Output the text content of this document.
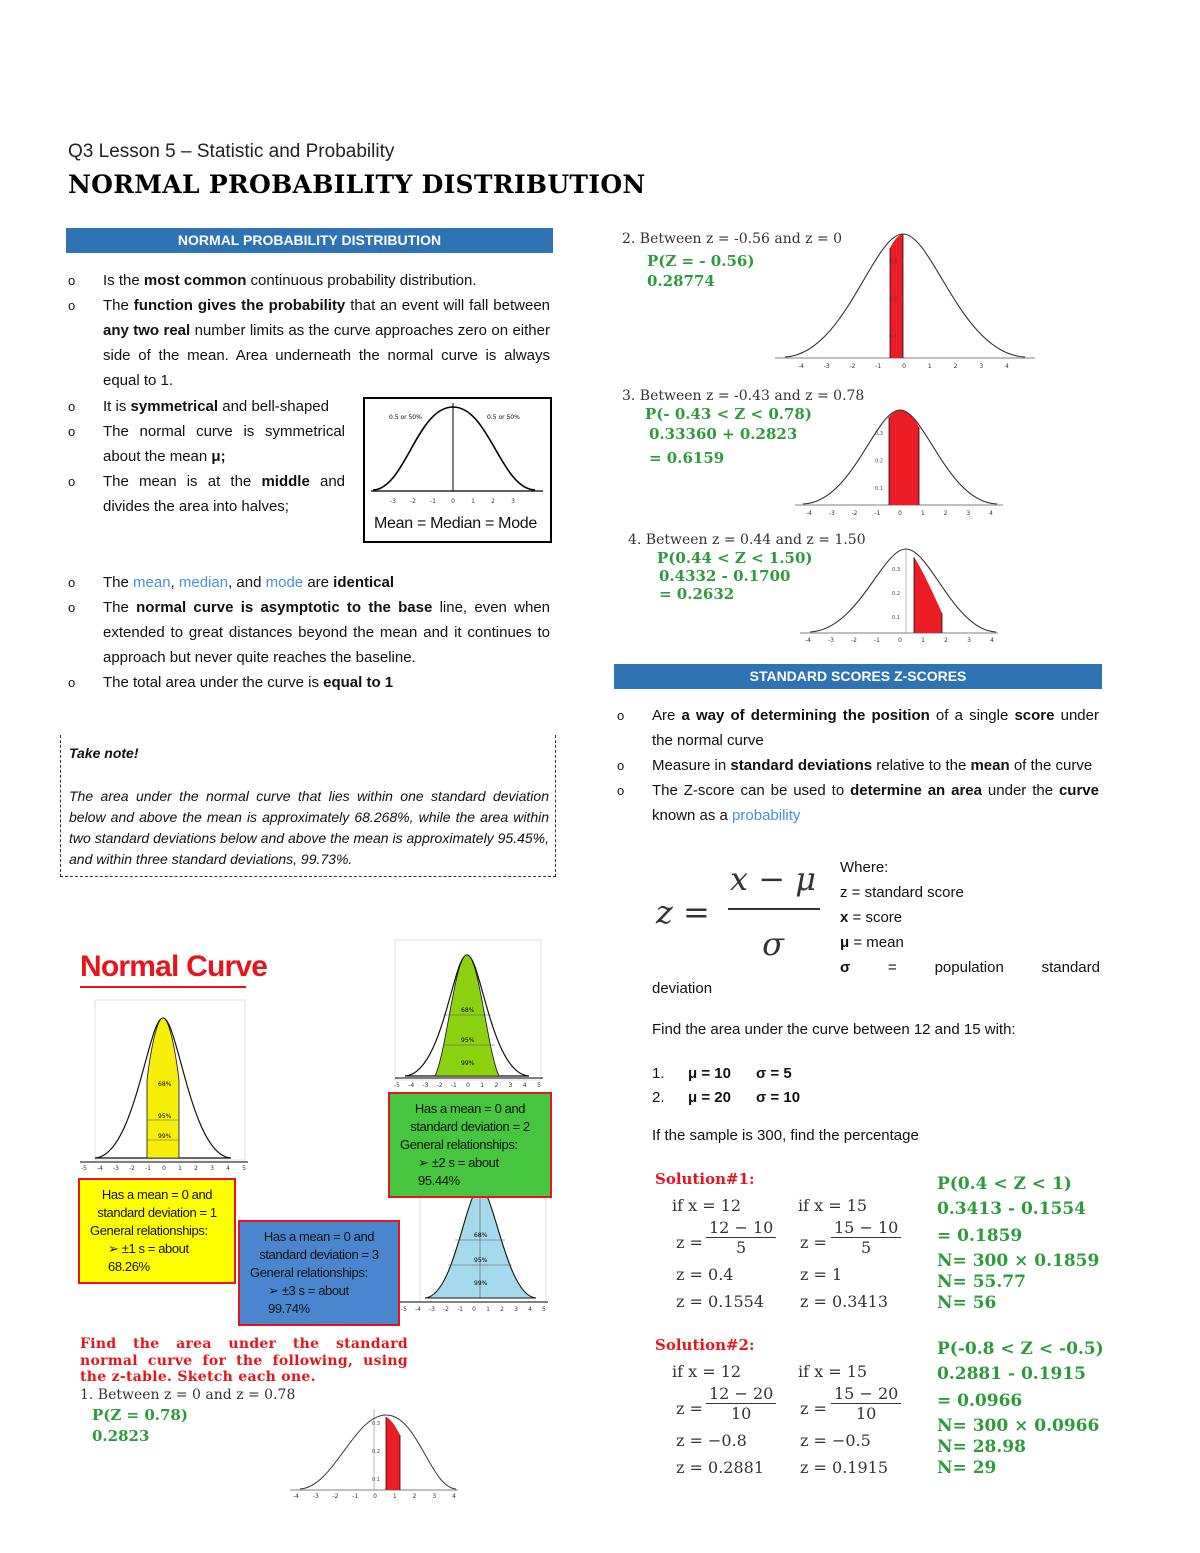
Q3 Lesson 5 – Statistic and Probability
NORMAL PROBABILITY DISTRIBUTION
NORMAL PROBABILITY DISTRIBUTION
o Is the most common continuous probability distribution.
o The function gives the probability that an event will fall between any two real number limits as the curve approaches zero on either side of the mean. Area underneath the normal curve is always equal to 1.
o It is symmetrical and bell-shaped
o The normal curve is symmetrical about the mean μ;
o The mean is at the middle and divides the area into halves;
0.5 or 50%	0.5 or 50%
-3 -2 -1	0	1	2	3
Mean = Median = Mode
o The mean, median, and mode are identical
o The normal curve is asymptotic to the base line, even when extended to great distances beyond the mean and it continues to approach but never quite reaches the baseline.
o The total area under the curve is equal to 1
Take note!
The area under the normal curve that lies within one standard deviation below and above the mean is approximately 68.268%, while the area within two standard deviations below and above the mean is approximately 95.45%, and within three standard deviations, 99.73%.
Normal Curve
68%
95%
99%
-5 -4 -3 -2 -1 0 1 2 3 4 5
68%
95%
99%
-5 -4 -3 -2 -1 0 1 2 3 4 5
68%
95%
99%
-5 -4 -3 -2 -1 0 1 2 3 4 5
Has a mean = 0 and
standard deviation = 1
General relationships:
➢ ±1 s = about 68.26%
Has a mean = 0 and
standard deviation = 3
General relationships:
➢ ±3 s = about 99.74%
Has a mean = 0 and
standard deviation = 2
General relationships:
➢ ±2 s = about 95.44%
Find the area under the standard normal curve for the following, using the z-table. Sketch each one.
1. Between z = 0 and z = 0.78
P(Z = 0.78)
0.2823
0.1
0.2
0.3
-4 -3 -2 -1 0	1	2	3	4
2. Between z = -0.56 and z = 0
P(Z = - 0.56)
0.28774
0.1
0.2
0.3
-4	-3	-2	-1	0	1	2	3	4
3. Between z = -0.43 and z = 0.78
P(- 0.43 < Z < 0.78)
0.33360 + 0.2823
= 0.6159
0.1
0.2
0.3
-4	-3	-2	-1	0	1	2	3	4
4. Between z = 0.44 and z = 1.50
P(0.44 < Z < 1.50)
0.4332 - 0.1700
= 0.2632
0.1
0.2
0.3
-4	-3	-2	-1	0	1	2	3	4
STANDARD SCORES Z-SCORES
o Are a way of determining the position of a single score under the normal curve
o Measure in standard deviations relative to the mean of the curve
o The Z-score can be used to determine an area under the curve known as a probability
z =
x − μ
σ
Where:
z = standard score
x = score
μ = mean
σ	=	population	standard
deviation
Find the area under the curve between 12 and 15 with:
1. μ = 10 σ = 5
2. μ = 20 σ = 10
If the sample is 300, find the percentage
Solution#1:
if x = 12
$z = \frac{12 - 10}{5}$
z = 0.4
z = 0.1554
if x = 15
$z = \frac{15 - 10}{5}$
z = 1
z = 0.3413
P(0.4 < Z < 1)
0.3413 - 0.1554
= 0.1859
N= 300 × 0.1859
N= 55.77
N= 56
Solution#2:
if x = 12
$z = \frac{12 - 20}{10}$
z = −0.8
z = 0.2881
if x = 15
$z = \frac{15 - 20}{10}$
z = −0.5
z = 0.1915
P(-0.8 < Z < -0.5)
0.2881 - 0.1915
= 0.0966
N= 300 × 0.0966
N= 28.98
N= 29
